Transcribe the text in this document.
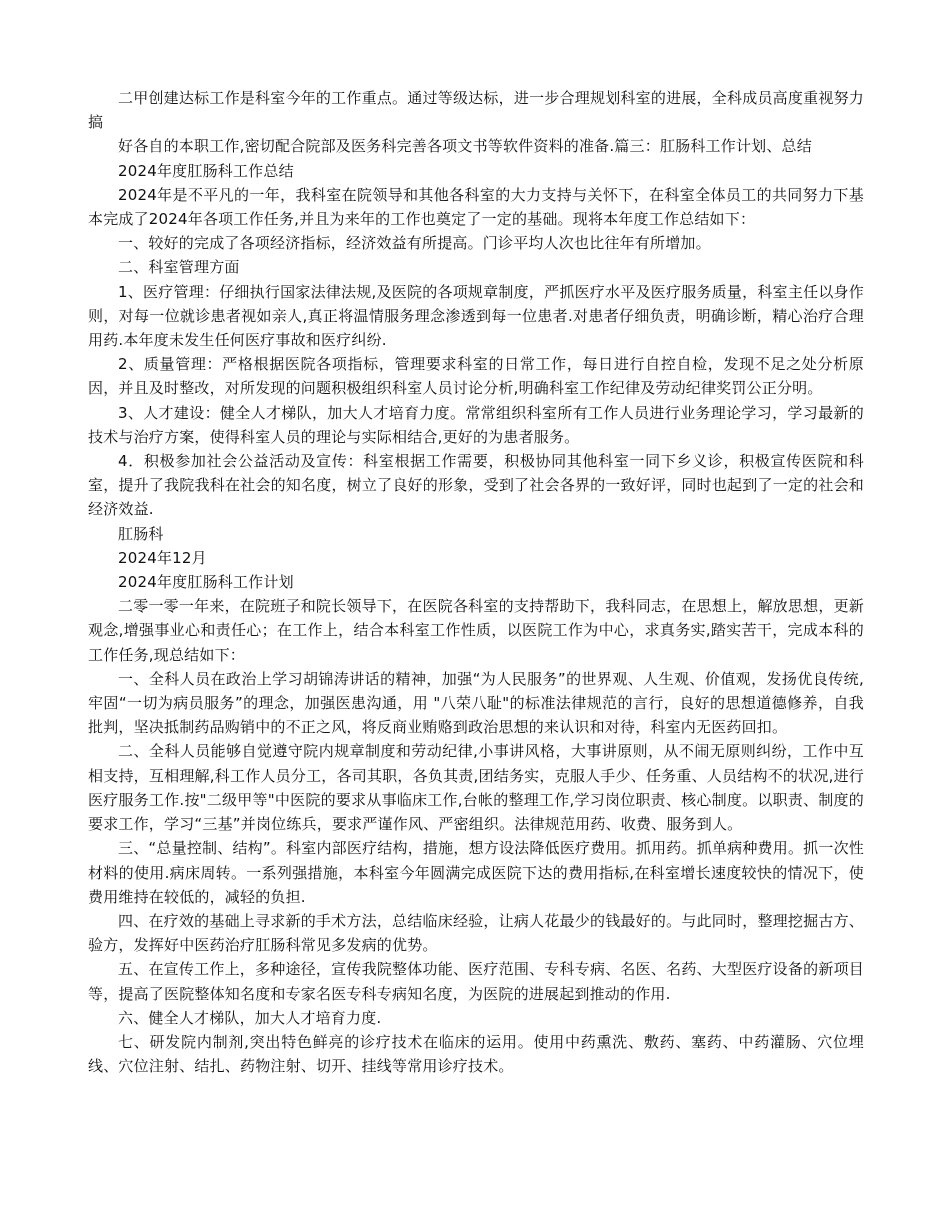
二甲创建达标工作是科室今年的工作重点。通过等级达标，进一步合理规划科室的进展，全科成员高度重视努力搞

好各自的本职工作,密切配合院部及医务科完善各项文书等软件资料的准备.篇三：肛肠科工作计划、总结

2024年度肛肠科工作总结

2024年是不平凡的一年，我科室在院领导和其他各科室的大力支持与关怀下，在科室全体员工的共同努力下基本完成了2024年各项工作任务,并且为来年的工作也奠定了一定的基础。现将本年度工作总结如下：

一、较好的完成了各项经济指标，经济效益有所提高。门诊平均人次也比往年有所增加。

二、科室管理方面

1、医疗管理：仔细执行国家法律法规,及医院的各项规章制度，严抓医疗水平及医疗服务质量，科室主任以身作则，对每一位就诊患者视如亲人,真正将温情服务理念渗透到每一位患者.对患者仔细负责，明确诊断，精心治疗合理用药.本年度未发生任何医疗事故和医疗纠纷.

2、质量管理：严格根据医院各项指标，管理要求科室的日常工作，每日进行自控自检，发现不足之处分析原因，并且及时整改，对所发现的问题积极组织科室人员讨论分析,明确科室工作纪律及劳动纪律奖罚公正分明。

3、人才建设：健全人才梯队，加大人才培育力度。常常组织科室所有工作人员进行业务理论学习，学习最新的技术与治疗方案，使得科室人员的理论与实际相结合,更好的为患者服务。

4．积极参加社会公益活动及宣传：科室根据工作需要，积极协同其他科室一同下乡义诊，积极宣传医院和科室，提升了我院我科在社会的知名度，树立了良好的形象，受到了社会各界的一致好评，同时也起到了一定的社会和经济效益.

肛肠科

2024年12月

2024年度肛肠科工作计划

二零一零一年来，在院班子和院长领导下，在医院各科室的支持帮助下，我科同志，在思想上，解放思想，更新观念,增强事业心和责任心；在工作上，结合本科室工作性质，以医院工作为中心，求真务实,踏实苦干，完成本科的工作任务,现总结如下：

一、全科人员在政治上学习胡锦涛讲话的精神，加强“为人民服务”的世界观、人生观、价值观，发扬优良传统,牢固“一切为病员服务”的理念，加强医患沟通，用 "八荣八耻"的标准法律规范的言行，良好的思想道德修养，自我批判，坚决抵制药品购销中的不正之风，将反商业贿赂到政治思想的来认识和对待，科室内无医药回扣。

二、全科人员能够自觉遵守院内规章制度和劳动纪律,小事讲风格，大事讲原则，从不闹无原则纠纷，工作中互相支持，互相理解,科工作人员分工，各司其职，各负其责,团结务实，克服人手少、任务重、人员结构不的状况,进行医疗服务工作.按"二级甲等"中医院的要求从事临床工作,台帐的整理工作,学习岗位职责、核心制度。以职责、制度的要求工作，学习“三基”并岗位练兵，要求严谨作风、严密组织。法律规范用药、收费、服务到人。

三、“总量控制、结构”。科室内部医疗结构，措施，想方设法降低医疗费用。抓用药。抓单病种费用。抓一次性材料的使用.病床周转。一系列强措施，本科室今年圆满完成医院下达的费用指标,在科室增长速度较快的情况下，使费用维持在较低的，减轻的负担.

四、在疗效的基础上寻求新的手术方法，总结临床经验，让病人花最少的钱最好的。与此同时，整理挖掘古方、验方，发挥好中医药治疗肛肠科常见多发病的优势。

五、在宣传工作上，多种途径，宣传我院整体功能、医疗范围、专科专病、名医、名药、大型医疗设备的新项目等，提高了医院整体知名度和专家名医专科专病知名度，为医院的进展起到推动的作用.

六、健全人才梯队，加大人才培育力度.

七、研发院内制剂,突出特色鲜亮的诊疗技术在临床的运用。使用中药熏洗、敷药、塞药、中药灌肠、穴位埋线、穴位注射、结扎、药物注射、切开、挂线等常用诊疗技术。
